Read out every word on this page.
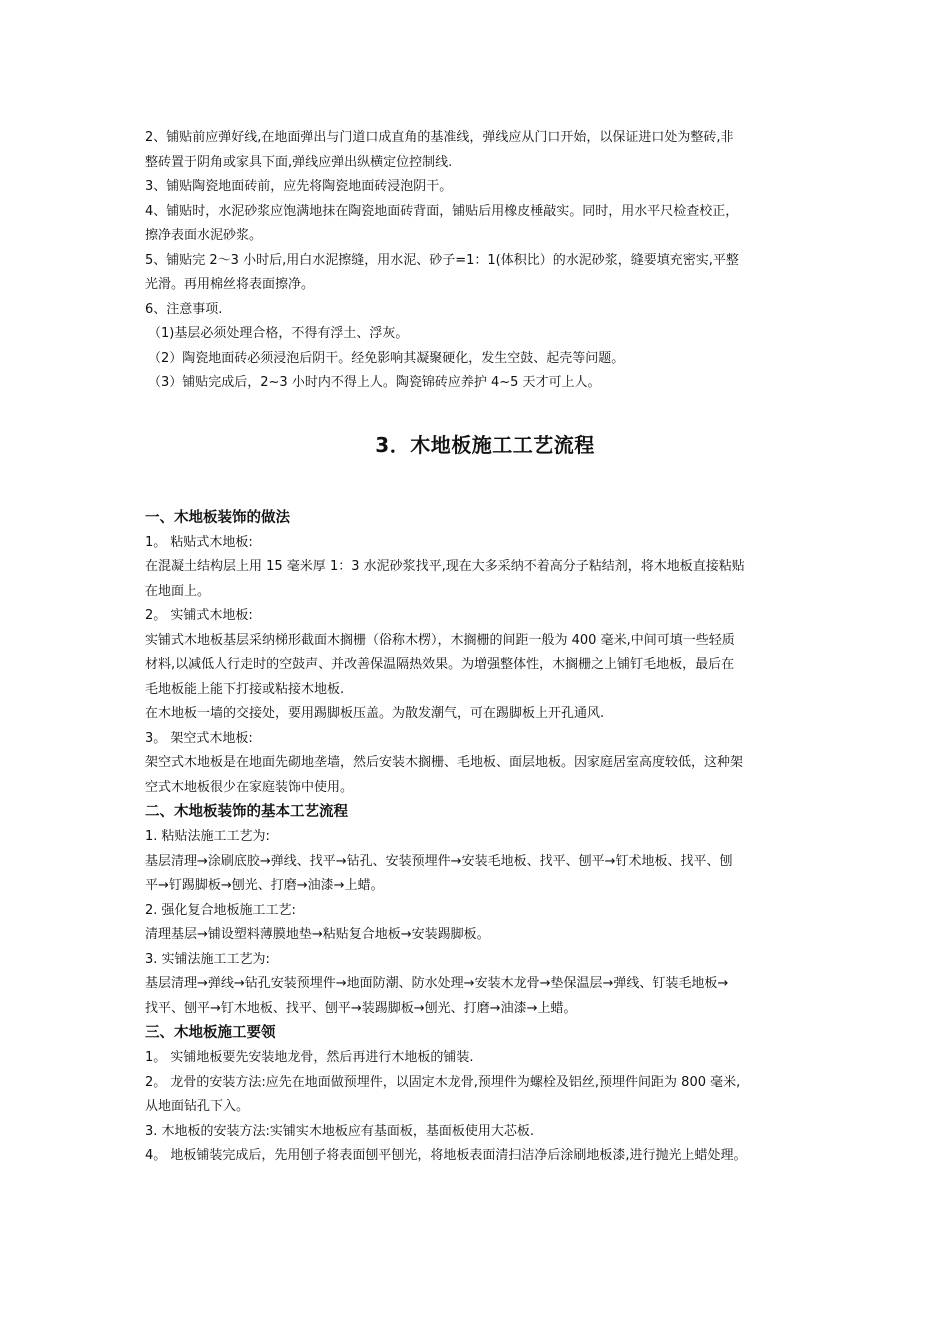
2、铺贴前应弹好线,在地面弹出与门道口成直角的基准线，弹线应从门口开始，以保证进口处为整砖,非

整砖置于阴角或家具下面,弹线应弹出纵横定位控制线.

3、铺贴陶瓷地面砖前，应先将陶瓷地面砖浸泡阴干。

4、铺贴时，水泥砂浆应饱满地抹在陶瓷地面砖背面，铺贴后用橡皮棰敲实。同时，用水平尺检查校正，

擦净表面水泥砂浆。

5、铺贴完 2～3 小时后,用白水泥擦缝，用水泥、砂子=1：1(体积比）的水泥砂浆，缝要填充密实,平整

光滑。再用棉丝将表面擦净。

6、注意事项.

（1)基层必须处理合格，不得有浮土、浮灰。

（2）陶瓷地面砖必须浸泡后阴干。经免影响其凝聚硬化，发生空鼓、起壳等问题。

（3）铺贴完成后，2~3 小时内不得上人。陶瓷锦砖应养护 4~5 天才可上人。

3．木地板施工工艺流程
一、木地板装饰的做法

1。 粘贴式木地板:

在混凝土结构层上用 15 毫米厚 1：3 水泥砂浆找平,现在大多采纳不着高分子粘结剂，将木地板直接粘贴

在地面上。

2。 实铺式木地板:

实铺式木地板基层采纳梯形截面木搁栅（俗称木楞），木搁栅的间距一般为 400 毫米,中间可填一些轻质

材料,以减低人行走时的空鼓声、并改善保温隔热效果。为增强整体性，木搁栅之上铺钉毛地板，最后在

毛地板能上能下打接或粘接木地板.

在木地板一墙的交接处，要用踢脚板压盖。为散发潮气，可在踢脚板上开孔通风.

3。 架空式木地板:

架空式木地板是在地面先砌地垄墙，然后安装木搁栅、毛地板、面层地板。因家庭居室高度较低，这种架

空式木地板很少在家庭装饰中使用。

二、木地板装饰的基本工艺流程

1. 粘贴法施工工艺为:

基层清理→涂刷底胶→弹线、找平→钻孔、安装预埋件→安装毛地板、找平、刨平→钉术地板、找平、刨

平→钉踢脚板→刨光、打磨→油漆→上蜡。

2. 强化复合地板施工工艺:

清理基层→铺设塑料薄膜地垫→粘贴复合地板→安装踢脚板。

3. 实铺法施工工艺为:

基层清理→弹线→钻孔安装预埋件→地面防潮、防水处理→安装木龙骨→垫保温层→弹线、钉装毛地板→

找平、刨平→钉木地板、找平、刨平→装踢脚板→刨光、打磨→油漆→上蜡。

三、木地板施工要领

1。 实铺地板要先安装地龙骨，然后再进行木地板的铺装.

2。 龙骨的安装方法:应先在地面做预埋件，以固定木龙骨,预埋件为螺栓及铝丝,预埋件间距为 800 毫米,

从地面钻孔下入。

3. 木地板的安装方法:实铺实木地板应有基面板，基面板使用大芯板.

4。 地板铺装完成后，先用刨子将表面刨平刨光，将地板表面清扫洁净后涂刷地板漆,进行抛光上蜡处理。
